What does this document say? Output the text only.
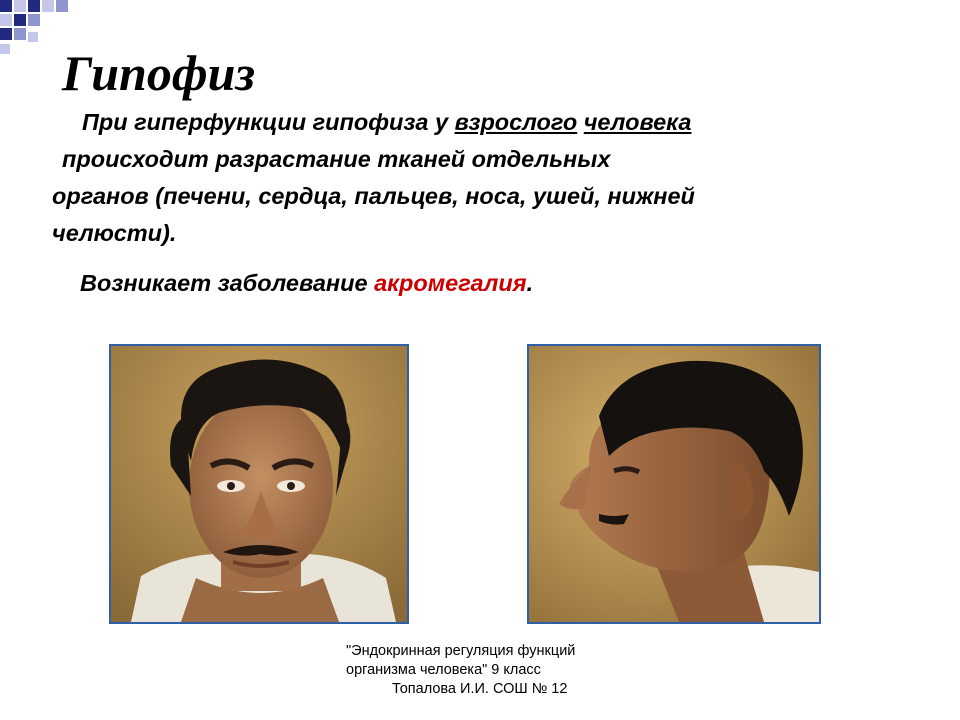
Гипофиз
При гиперфункции гипофиза у взрослого человека
происходит разрастание тканей отдельных
органов (печени, сердца, пальцев, носа, ушей, нижней
челюсти).
Возникает заболевание акромегалия.
"Эндокринная регуляция функций
организма человека" 9 класс
Топалова И.И. СОШ № 12
